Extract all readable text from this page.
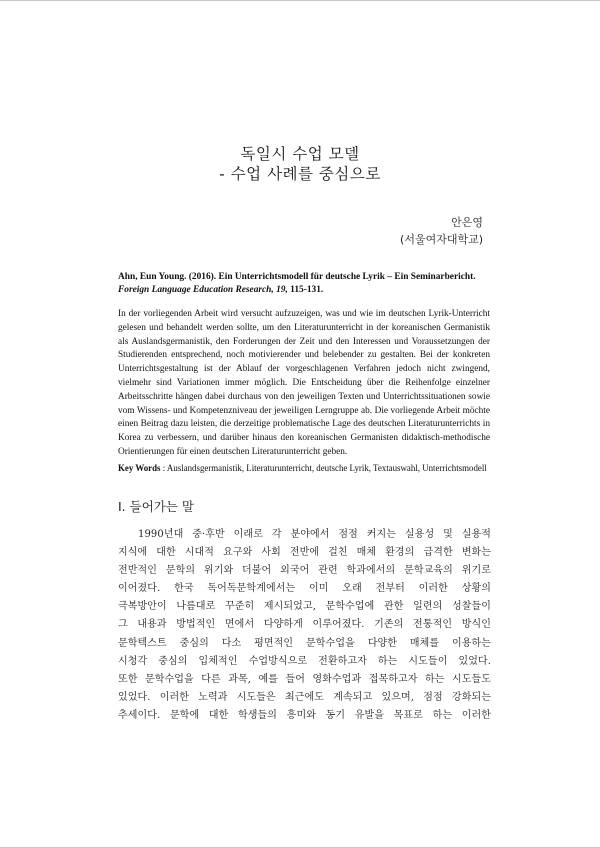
독일시 수업 모델
- 수업 사례를 중심으로
안은영
(서울여자대학교)
Ahn, Eun Young. (2016). Ein Unterrichtsmodell für deutsche Lyrik – Ein Seminarbericht. Foreign Language Education Research, 19, 115-131.

In der vorliegenden Arbeit wird versucht aufzuzeigen, was und wie im deutschen Lyrik-Unterricht gelesen und behandelt werden sollte, um den Literaturunterricht in der koreanischen Germanistik als Auslandsgermanistik, den Forderungen der Zeit und den Interessen und Voraussetzungen der Studierenden entsprechend, noch motivierender und belebender zu gestalten. Bei der konkreten Unterrichtsgestaltung ist der Ablauf der vorgeschlagenen Verfahren jedoch nicht zwingend, vielmehr sind Variationen immer möglich. Die Entscheidung über die Reihenfolge einzelner Arbeitsschritte hängen dabei durchaus von den jeweiligen Texten und Unterrichtssituationen sowie vom Wissens- und Kompetenzniveau der jeweiligen Lerngruppe ab. Die vorliegende Arbeit möchte einen Beitrag dazu leisten, die derzeitige problematische Lage des deutschen Literaturunterrichts in Korea zu verbessern, und darüber hinaus den koreanischen Germanisten didaktisch-methodische Orientierungen für einen deutschen Literaturunterricht geben.

Key Words : Auslandsgermanistik, Literaturunterricht, deutsche Lyrik, Textauswahl, Unterrichtsmodell
I. 들어가는 말
1990년대 중·후반 이래로 각 분야에서 점점 커지는 실용성 및 실용적
지식에 대한 시대적 요구와 사회 전반에 걸친 매체 환경의 급격한 변화는
전반적인 문학의 위기와 더불어 외국어 관련 학과에서의 문학교육의 위기로
이어졌다. 한국 독어독문학계에서는 이미 오래 전부터 이러한 상황의
극복방안이 나름대로 꾸준히 제시되었고, 문학수업에 관한 일련의 성찰들이
그 내용과 방법적인 면에서 다양하게 이루어졌다. 기존의 전통적인 방식인
문학텍스트 중심의 다소 평면적인 문학수업을 다양한 매체를 이용하는
시청각 중심의 입체적인 수업방식으로 전환하고자 하는 시도들이 있었다.
또한 문학수업을 다른 과목, 예를 들어 영화수업과 접목하고자 하는 시도들도
있었다. 이러한 노력과 시도들은 최근에도 계속되고 있으며, 점점 강화되는
추세이다. 문학에 대한 학생들의 흥미와 동기 유발을 목표로 하는 이러한
